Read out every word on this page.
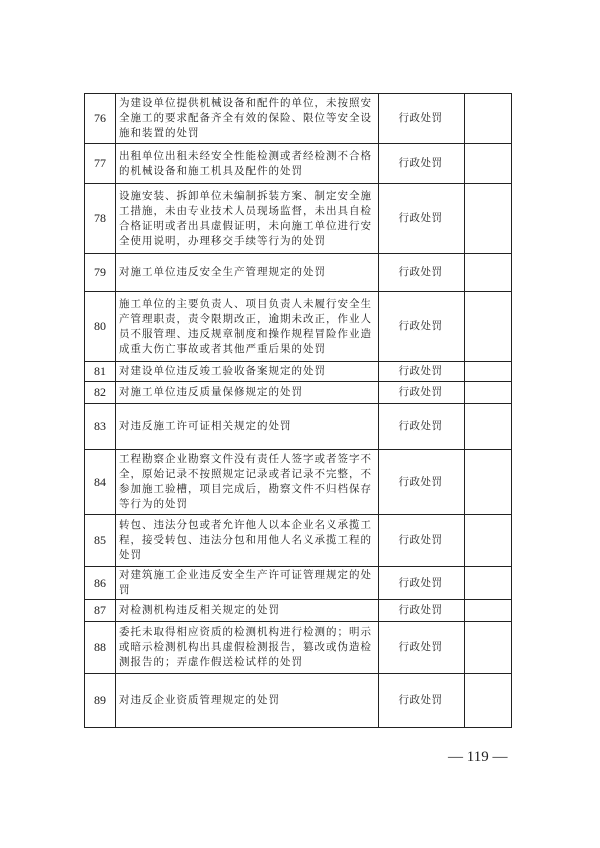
76	为建设单位提供机械设备和配件的单位，未按照安全施工的要求配备齐全有效的保险、限位等安全设施和装置的处罚	行政处罚	
77	出租单位出租未经安全性能检测或者经检测不合格的机械设备和施工机具及配件的处罚	行政处罚	
78	设施安装、拆卸单位未编制拆装方案、制定安全施工措施，未由专业技术人员现场监督，未出具自检合格证明或者出具虚假证明，未向施工单位进行安全使用说明，办理移交手续等行为的处罚	行政处罚	
79	对施工单位违反安全生产管理规定的处罚	行政处罚	
80	施工单位的主要负责人、项目负责人未履行安全生产管理职责，责令限期改正，逾期未改正，作业人员不服管理、违反规章制度和操作规程冒险作业造成重大伤亡事故或者其他严重后果的处罚	行政处罚	
81	对建设单位违反竣工验收备案规定的处罚	行政处罚	
82	对施工单位违反质量保修规定的处罚	行政处罚	
83	对违反施工许可证相关规定的处罚	行政处罚	
84	工程勘察企业勘察文件没有责任人签字或者签字不全，原始记录不按照规定记录或者记录不完整，不参加施工验槽，项目完成后，勘察文件不归档保存等行为的处罚	行政处罚	
85	转包、违法分包或者允许他人以本企业名义承揽工程，接受转包、违法分包和用他人名义承揽工程的处罚	行政处罚	
86	对建筑施工企业违反安全生产许可证管理规定的处罚	行政处罚	
87	对检测机构违反相关规定的处罚	行政处罚	
88	委托未取得相应资质的检测机构进行检测的；明示或暗示检测机构出具虚假检测报告，篡改或伪造检测报告的；弄虚作假送检试样的处罚	行政处罚	
89	对违反企业资质管理规定的处罚	行政处罚	
— 119 —
